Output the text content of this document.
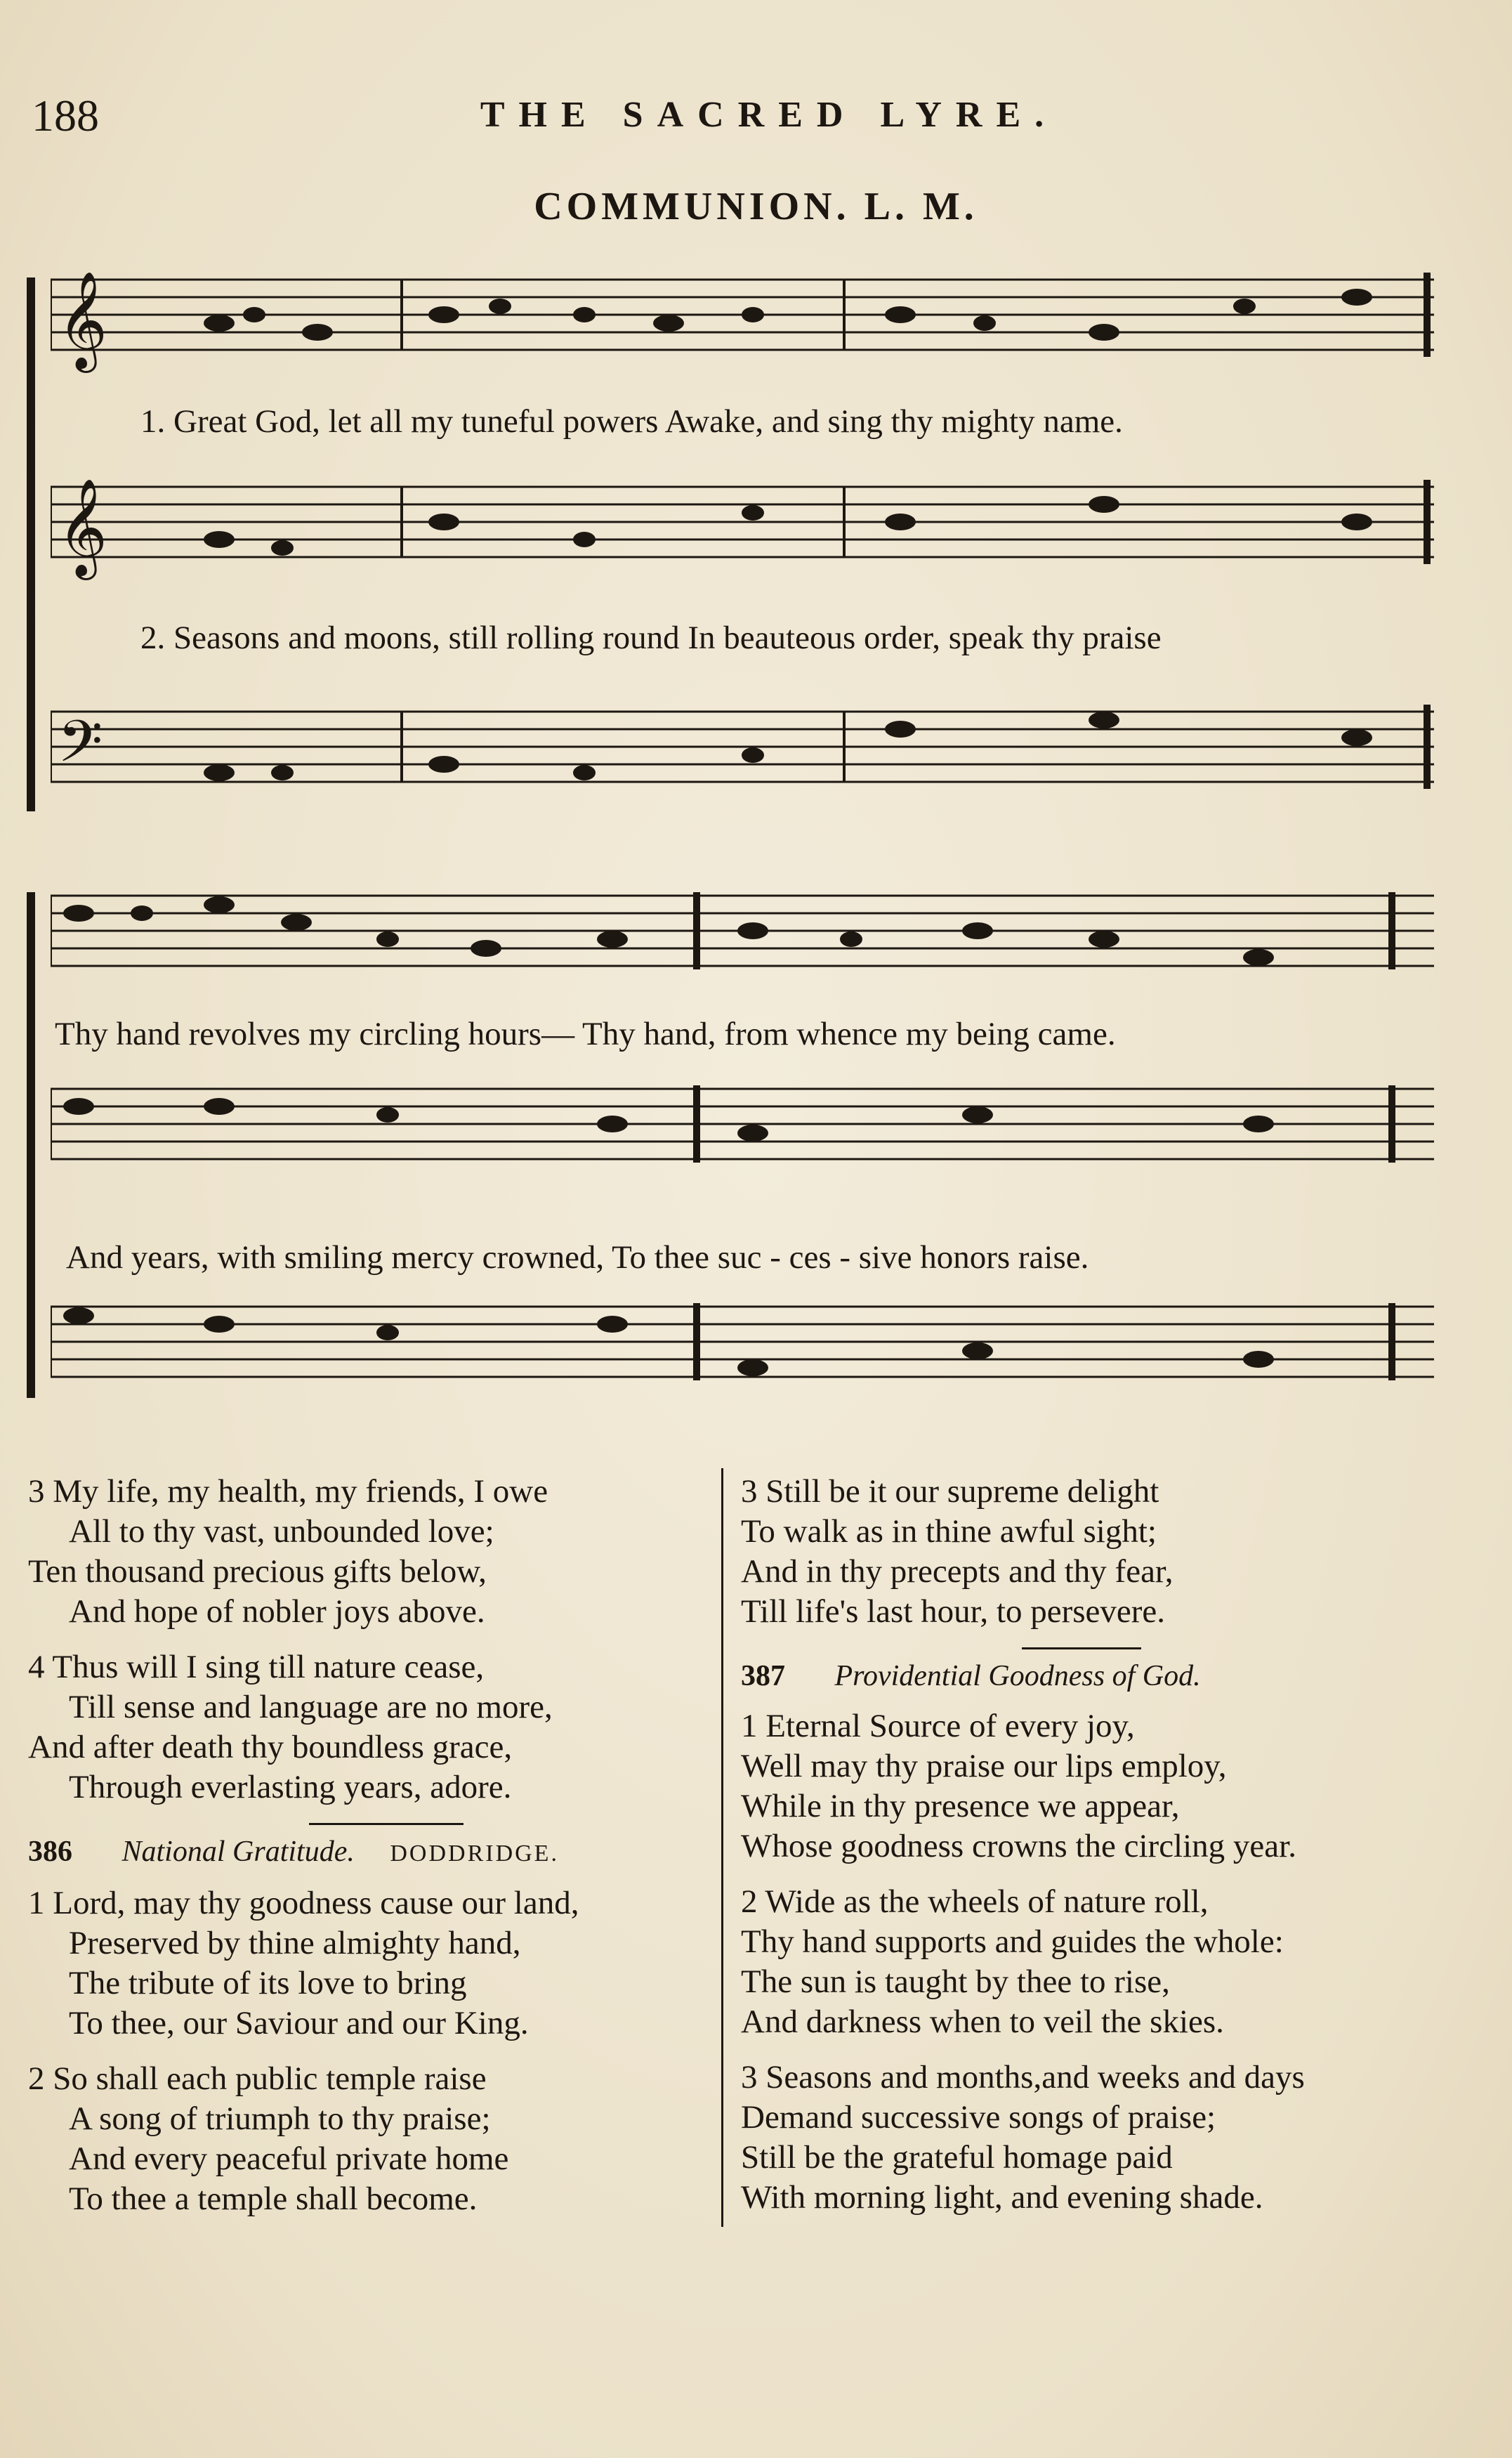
188	THE SACRED LYRE.
COMMUNION. L. M.
𝄞
𝄞
𝄢
1. Great God, let all my tuneful powers Awake, and sing thy mighty name.
2. Seasons and moons, still rolling round In beauteous order, speak thy praise
Thy hand revolves my circling hours— Thy hand, from whence my being came.
And years, with smiling mercy crowned, To thee suc - ces - sive honors raise.
3 My life, my health, my friends, I owe
All to thy vast, unbounded love;
Ten thousand precious gifts below,
And hope of nobler joys above.
4 Thus will I sing till nature cease,
Till sense and language are no more,
And after death thy boundless grace,
Through everlasting years, adore.
386 National Gratitude. DODDRIDGE.
1 Lord, may thy goodness cause our land,
Preserved by thine almighty hand,
The tribute of its love to bring
To thee, our Saviour and our King.
2 So shall each public temple raise
A song of triumph to thy praise;
And every peaceful private home
To thee a temple shall become.
3 Still be it our supreme delight
To walk as in thine awful sight;
And in thy precepts and thy fear,
Till life's last hour, to persevere.
387 Providential Goodness of God.
1 Eternal Source of every joy,
Well may thy praise our lips employ,
While in thy presence we appear,
Whose goodness crowns the circling year.
2 Wide as the wheels of nature roll,
Thy hand supports and guides the whole:
The sun is taught by thee to rise,
And darkness when to veil the skies.
3 Seasons and months,and weeks and days
Demand successive songs of praise;
Still be the grateful homage paid
With morning light, and evening shade.
